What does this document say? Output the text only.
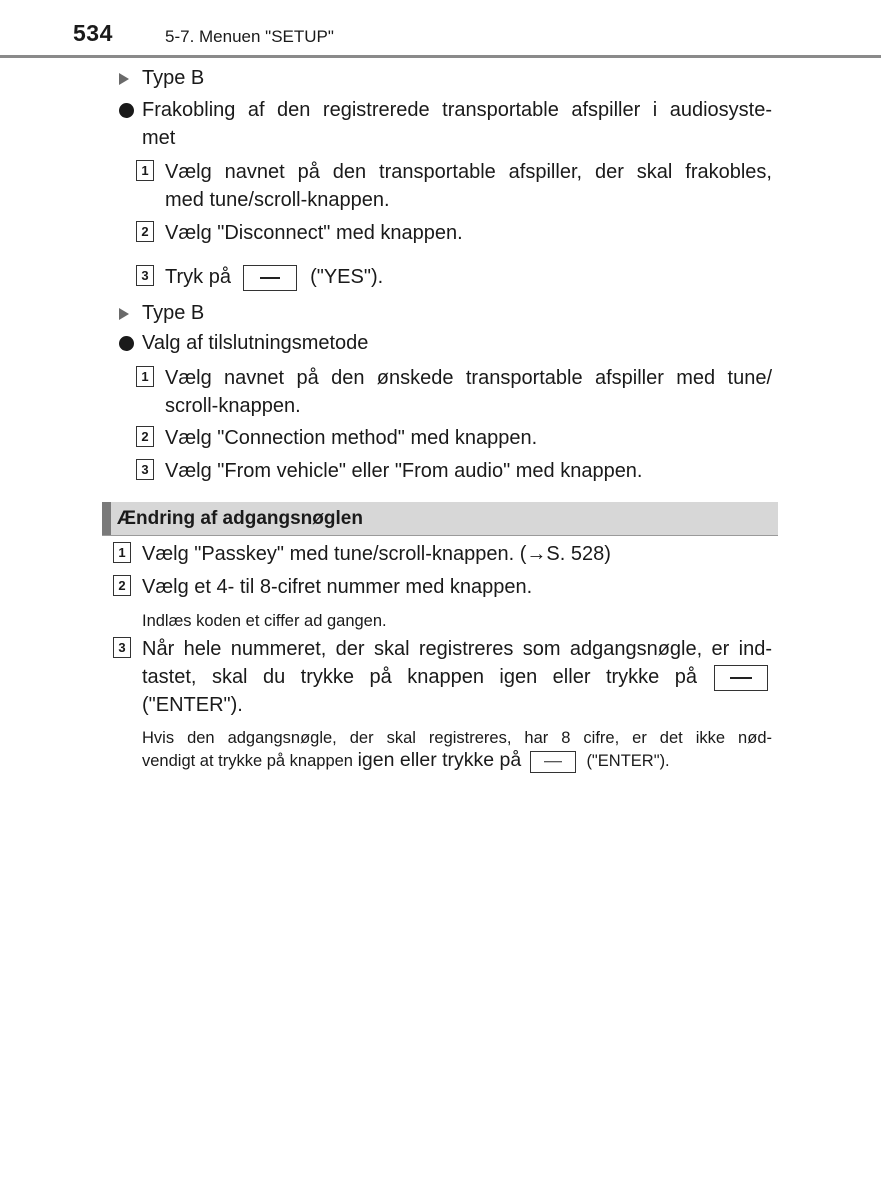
534	5-7. Menuen "SETUP"
Type B
Frakobling af den registrerede transportable afspiller i audiosyste-
met
1 Vælg navnet på den transportable afspiller, der skal frakobles,
med tune/scroll-knappen.
2 Vælg "Disconnect" med knappen.
3 Tryk på	("YES").
Type B
Valg af tilslutningsmetode
1 Vælg navnet på den ønskede transportable afspiller med tune/
scroll-knappen.
2 Vælg "Connection method" med knappen.
3 Vælg "From vehicle" eller "From audio" med knappen.
Ændring af adgangsnøglen
1 Vælg "Passkey" med tune/scroll-knappen. (→S. 528)
2 Vælg et 4- til 8-cifret nummer med knappen.
Indlæs koden et ciffer ad gangen.
3 Når hele nummeret, der skal registreres som adgangsnøgle, er ind-
tastet, skal du trykke på knappen igen eller trykke på
("ENTER").
Hvis den adgangsnøgle, der skal registreres, har 8 cifre, er det ikke nød-
vendigt at trykke på knappen igen eller trykke på	("ENTER").
